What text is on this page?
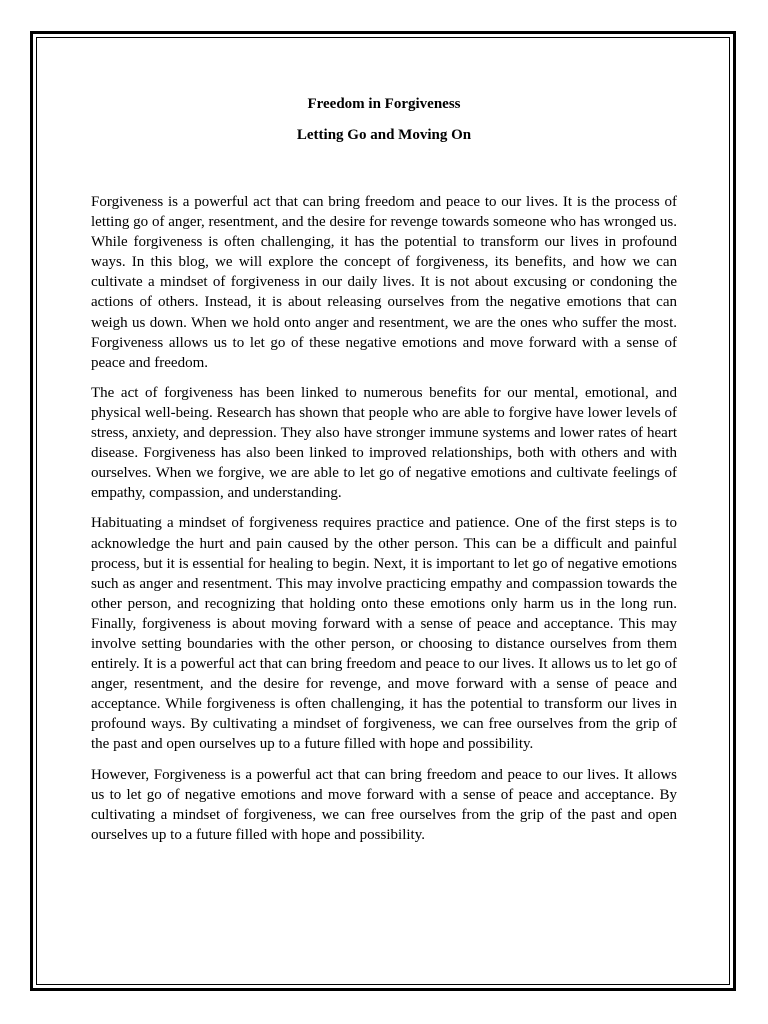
Freedom in Forgiveness
Letting Go and Moving On

Forgiveness is a powerful act that can bring freedom and peace to our lives. It is the process of letting go of anger, resentment, and the desire for revenge towards someone who has wronged us. While forgiveness is often challenging, it has the potential to transform our lives in profound ways. In this blog, we will explore the concept of forgiveness, its benefits, and how we can cultivate a mindset of forgiveness in our daily lives. It is not about excusing or condoning the actions of others. Instead, it is about releasing ourselves from the negative emotions that can weigh us down. When we hold onto anger and resentment, we are the ones who suffer the most. Forgiveness allows us to let go of these negative emotions and move forward with a sense of peace and freedom.

The act of forgiveness has been linked to numerous benefits for our mental, emotional, and physical well-being. Research has shown that people who are able to forgive have lower levels of stress, anxiety, and depression. They also have stronger immune systems and lower rates of heart disease. Forgiveness has also been linked to improved relationships, both with others and with ourselves. When we forgive, we are able to let go of negative emotions and cultivate feelings of empathy, compassion, and understanding.

Habituating a mindset of forgiveness requires practice and patience. One of the first steps is to acknowledge the hurt and pain caused by the other person. This can be a difficult and painful process, but it is essential for healing to begin. Next, it is important to let go of negative emotions such as anger and resentment. This may involve practicing empathy and compassion towards the other person, and recognizing that holding onto these emotions only harm us in the long run. Finally, forgiveness is about moving forward with a sense of peace and acceptance. This may involve setting boundaries with the other person, or choosing to distance ourselves from them entirely. It is a powerful act that can bring freedom and peace to our lives. It allows us to let go of anger, resentment, and the desire for revenge, and move forward with a sense of peace and acceptance. While forgiveness is often challenging, it has the potential to transform our lives in profound ways. By cultivating a mindset of forgiveness, we can free ourselves from the grip of the past and open ourselves up to a future filled with hope and possibility.

However, Forgiveness is a powerful act that can bring freedom and peace to our lives. It allows us to let go of negative emotions and move forward with a sense of peace and acceptance. By cultivating a mindset of forgiveness, we can free ourselves from the grip of the past and open ourselves up to a future filled with hope and possibility.
